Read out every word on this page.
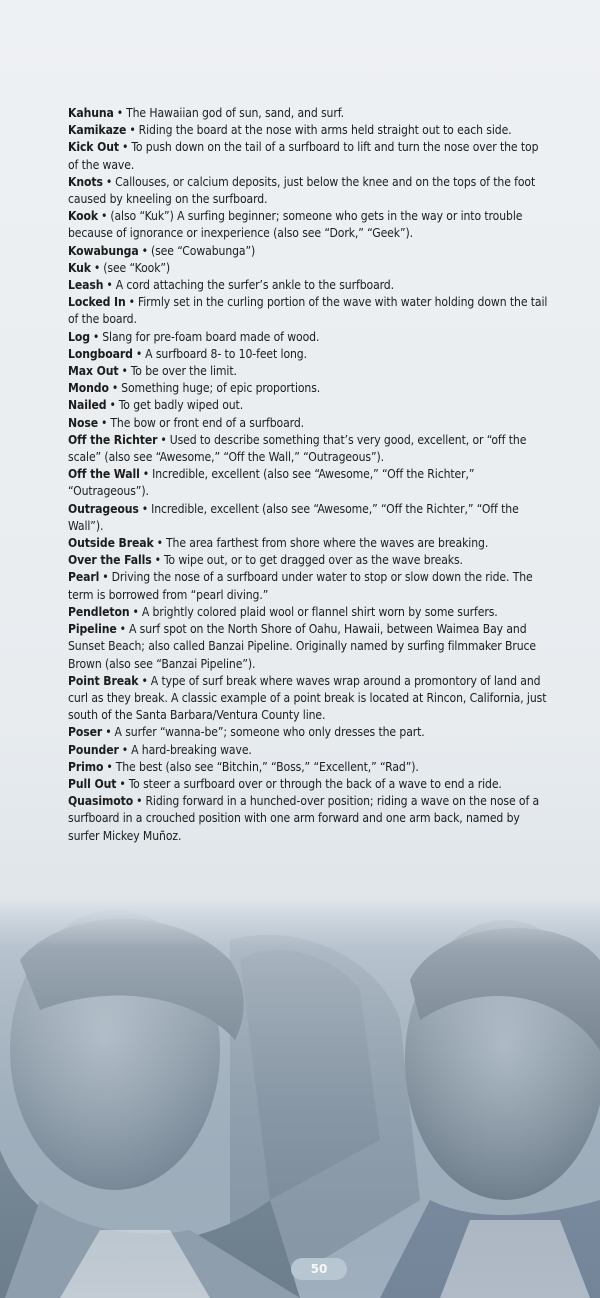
Kahuna • The Hawaiian god of sun, sand, and surf.

Kamikaze • Riding the board at the nose with arms held straight out to each side.

Kick Out • To push down on the tail of a surfboard to lift and turn the nose over the top of the wave.

Knots • Callouses, or calcium deposits, just below the knee and on the tops of the foot caused by kneeling on the surfboard.

Kook • (also “Kuk”) A surfing beginner; someone who gets in the way or into trouble because of ignorance or inexperience (also see “Dork,” “Geek”).

Kowabunga • (see “Cowabunga”)

Kuk • (see “Kook”)

Leash • A cord attaching the surfer’s ankle to the surfboard.

Locked In • Firmly set in the curling portion of the wave with water holding down the tail of the board.

Log • Slang for pre-foam board made of wood.

Longboard • A surfboard 8- to 10-feet long.

Max Out • To be over the limit.

Mondo • Something huge; of epic proportions.

Nailed • To get badly wiped out.

Nose • The bow or front end of a surfboard.

Off the Richter • Used to describe something that’s very good, excellent, or “off the scale” (also see “Awesome,” “Off the Wall,” “Outrageous”).

Off the Wall • Incredible, excellent (also see “Awesome,” “Off the Richter,” “Outrageous”).

Outrageous • Incredible, excellent (also see “Awesome,” “Off the Richter,” “Off the Wall”).

Outside Break • The area farthest from shore where the waves are breaking.

Over the Falls • To wipe out, or to get dragged over as the wave breaks.

Pearl • Driving the nose of a surfboard under water to stop or slow down the ride. The term is borrowed from “pearl diving.”

Pendleton • A brightly colored plaid wool or flannel shirt worn by some surfers.

Pipeline • A surf spot on the North Shore of Oahu, Hawaii, between Waimea Bay and Sunset Beach; also called Banzai Pipeline. Originally named by surfing filmmaker Bruce Brown (also see “Banzai Pipeline”).

Point Break • A type of surf break where waves wrap around a promontory of land and curl as they break. A classic example of a point break is located at Rincon, California, just south of the Santa Barbara/Ventura County line.

Poser • A surfer “wanna-be”; someone who only dresses the part.

Pounder • A hard-breaking wave.

Primo • The best (also see “Bitchin,” “Boss,” “Excellent,” “Rad”).

Pull Out • To steer a surfboard over or through the back of a wave to end a ride.

Quasimoto • Riding forward in a hunched-over position; riding a wave on the nose of a surfboard in a crouched position with one arm forward and one arm back, named by surfer Mickey Muñoz.

50
